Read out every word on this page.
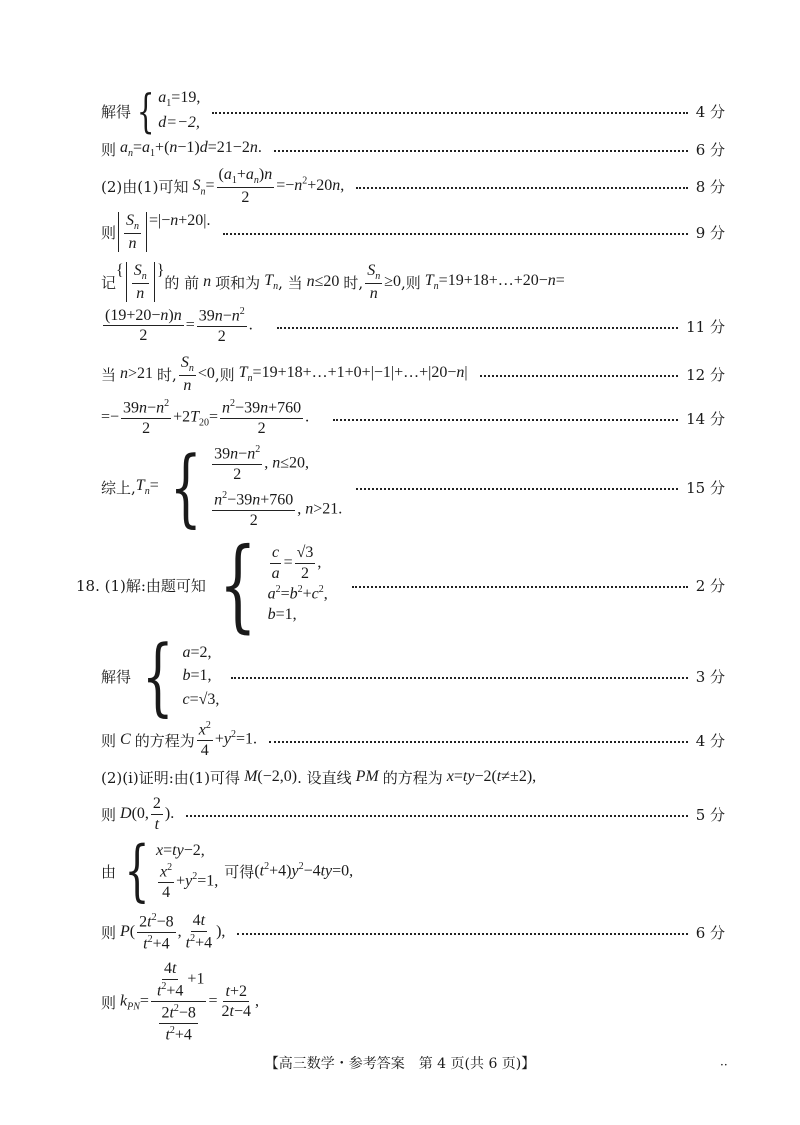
解得 { $a_1=19$,
d=−2,
4 分
则 $a_n=a_1+(n-1)d=21-2n$.	6 分
(2)由(1)可知 $S_n= \frac{(a_1+a_n)n}{2} =-n^2+20n$,	8 分
则 $\frac{S_n}{n} =|-n+20|$.
9 分
记
{ $\frac{S_n}{n}$ }
的 前 n 项和为 $T_n$ , 当 n≤20 时, $\frac{S_n}{n} \ge 0$ ,则 $T_n=19+18+\dots+20-n=$
$\frac{(19+20-n)n}{2} = \frac{39n-n^2}{2}$ .	11 分
当 n>21 时, $\frac{S_n}{n} <0$ ,则 $T_n=19+18+\dots+1+0+|-1|+\dots+|20-n|$	12 分
=− $\frac{39n-n^2}{2} +2T_{20}= \frac{n^2-39n+760}{2}$ .	14 分
综上, $T_n=$ { $\frac{39n-n^2}{2}$ , n≤20,
$\frac{n^2-39n+760}{2}$ , n>21.
15 分
18. (1)解:由题可知 { $\frac{c}{a} = \frac{√3}{2}$ ,
$a^2=b^2+c^2$,
b=1,
2 分
解得 { a=2,
b=1,
c=√3,
3 分
则 C 的方程为 $\frac{x^2}{4} +y^2=1$.	4 分
(2)(ⅰ)证明:由(1)可得 M(−2,0) . 设直线 PM 的方程为 x=ty−2(t≠±2),
则 D(0, $\frac{2}{t}$ ).	5 分
由 { x=ty−2,
$\frac{x^2}{4} +y^2=1$,
可得 $(t^2+4)y^2-4ty=0$,
则 $P( \frac{2t^2-8}{t^2+4}$ , $\frac{4t}{t^2+4}$ ),	6 分
则 $k_{PN}= \frac{\frac{4t}{t^2+4} +1}{\frac{2t^2-8}{t^2+4}} = \frac{t+2}{2t-4}$ ,
【高三数学・参考答案　第 4 页(共 6 页)】	··
